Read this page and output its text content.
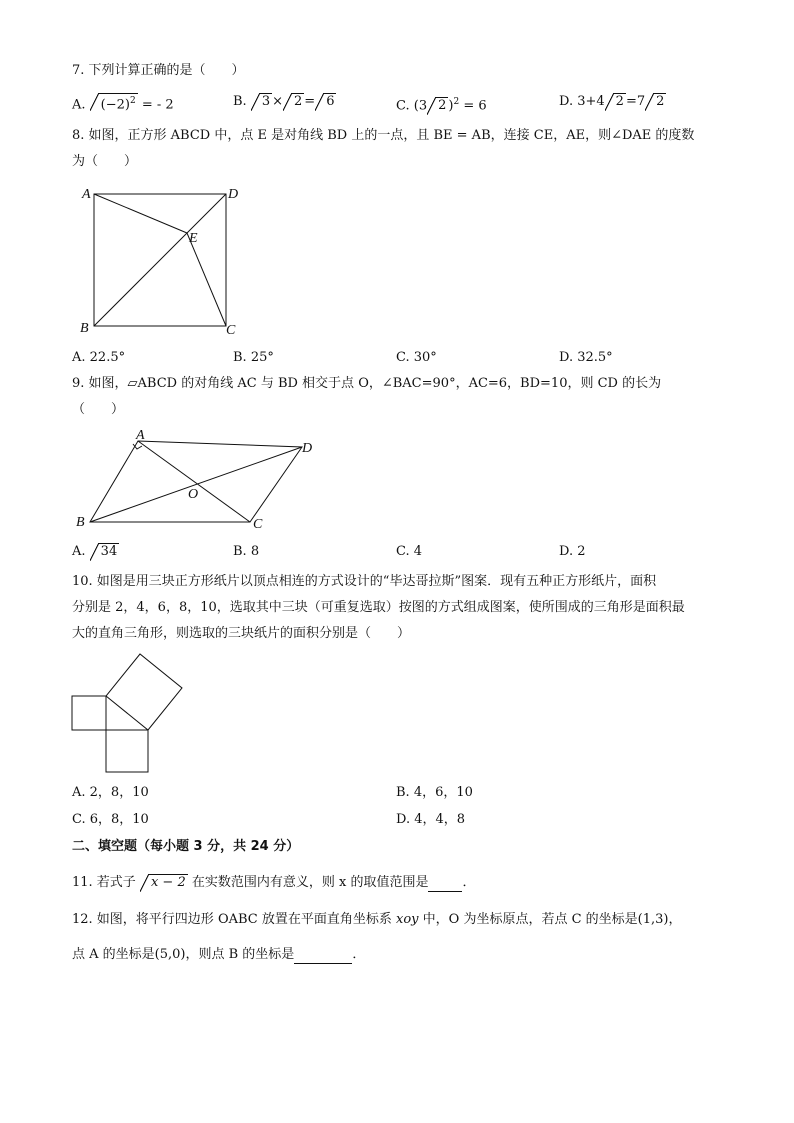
7. 下列计算正确的是（　　）
A. $(-2)^2$ = - 2	B. 3 × 2 = 6	C. (3 2 )$^2$ = 6	D. 3+4 2 =7 2
8. 如图，正方形 ABCD 中，点 E 是对角线 BD 上的一点，且 BE = AB，连接 CE，AE，则∠DAE 的度数
为（　　）
A	D
E
B	C
A. 22.5°	B. 25°	C. 30°	D. 32.5°
9. 如图，▱ABCD 的对角线 AC 与 BD 相交于点 O，∠BAC=90°，AC=6，BD=10，则 CD 的长为
（　　）
A
D
O
B	C
A. 34	B. 8	C. 4	D. 2
10. 如图是用三块正方形纸片以顶点相连的方式设计的“毕达哥拉斯”图案．现有五种正方形纸片，面积
分别是 2，4，6，8，10，选取其中三块（可重复选取）按图的方式组成图案，使所围成的三角形是面积最
大的直角三角形，则选取的三块纸片的面积分别是（　　）
A. 2，8，10	B. 4，6，10
C. 6，8，10	D. 4，4，8
二、填空题（每小题 3 分，共 24 分）
11. 若式子 x − 2 在实数范围内有意义，则 x 的取值范围是	．
12. 如图，将平行四边形 OABC 放置在平面直角坐标系 xoy 中，O 为坐标原点，若点 C 的坐标是(1,3)，
点 A 的坐标是(5,0)，则点 B 的坐标是	．
